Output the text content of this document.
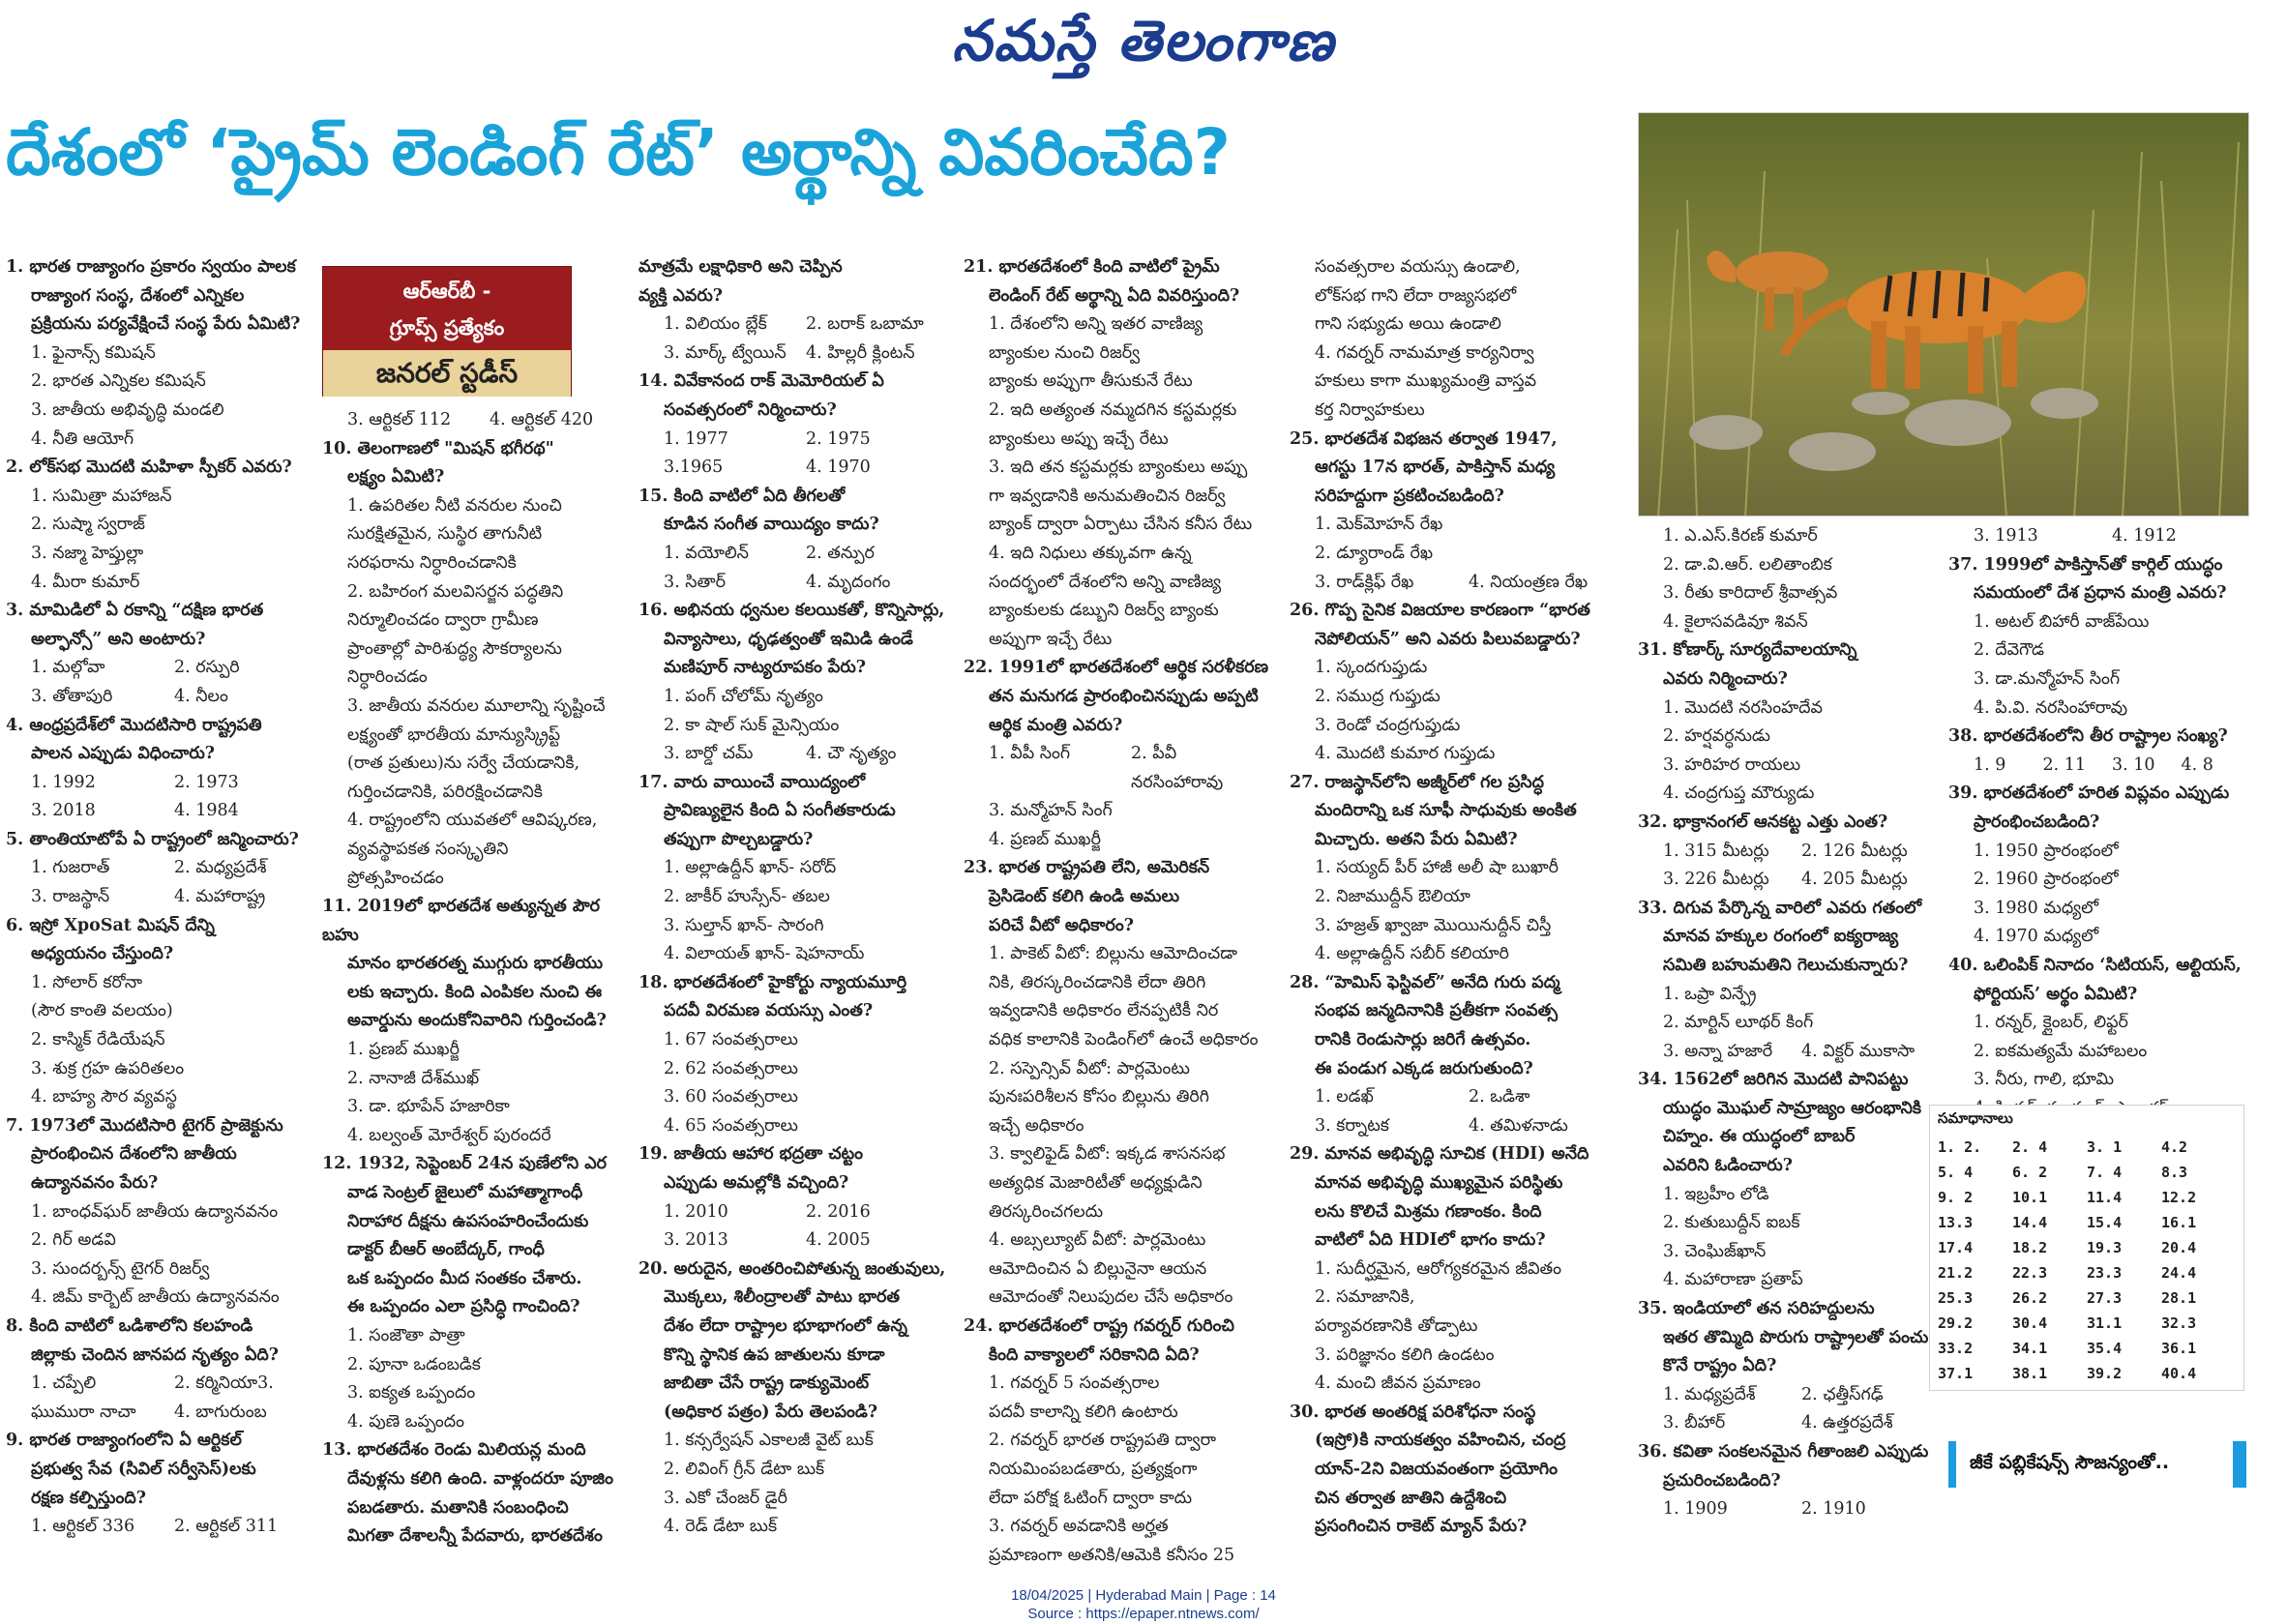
నమస్తే తెలంగాణ
దేశంలో ‘ప్రైమ్ లెండింగ్ రేట్’ అర్థాన్ని వివరించేది?
ఆర్ఆర్‌బీ -
గ్రూప్స్ ప్రత్యేకం
జనరల్ స్టడీస్
1. భారత రాజ్యాంగం ప్రకారం స్వయం పాలక
రాజ్యాంగ సంస్థ, దేశంలో ఎన్నికల
ప్రక్రియను పర్యవేక్షించే సంస్థ పేరు ఏమిటి?
1. ఫైనాన్స్ కమిషన్
2. భారత ఎన్నికల కమిషన్
3. జాతీయ అభివృద్ధి మండలి
4. నీతి ఆయోగ్
2. లోక్‌సభ మొదటి మహిళా స్పీకర్ ఎవరు?
1. సుమిత్రా మహాజన్
2. సుష్మా స్వరాజ్
3. నజ్మా హెప్తుల్లా
4. మీరా కుమార్
3. మామిడిలో ఏ రకాన్ని “దక్షిణ భారత
అల్ఫాన్సో” అని అంటారు?
1. మల్గోవా	2. రస్పురి
3. తోతాపురి	4. నీలం
4. ఆంధ్రప్రదేశ్‌లో మొదటిసారి రాష్ట్రపతి
పాలన ఎప్పుడు విధించారు?
1. 1992	2. 1973
3. 2018	4. 1984
5. తాంతియాటోపే ఏ రాష్ట్రంలో జన్మించారు?
1. గుజరాత్	2. మధ్యప్రదేశ్
3. రాజస్థాన్	4. మహారాష్ట్ర
6. ఇస్రో XpoSat మిషన్ దేన్ని
అధ్యయనం చేస్తుంది?
1. సోలార్ కరోనా
(సౌర కాంతి వలయం)
2. కాస్మిక్ రేడియేషన్
3. శుక్ర గ్రహ ఉపరితలం
4. బాహ్య సౌర వ్యవస్థ
7. 1973లో మొదటిసారి టైగర్ ప్రాజెక్టును
ప్రారంభించిన దేశంలోని జాతీయ
ఉద్యానవనం పేరు?
1. బాంధవ్‌ఘర్ జాతీయ ఉద్యానవనం
2. గిర్ అడవి
3. సుందర్బన్స్ టైగర్ రిజర్వ్
4. జిమ్ కార్బెట్ జాతీయ ఉద్యానవనం
8. కింది వాటిలో ఒడిశాలోని కలహండి
జిల్లాకు చెందిన జానపద నృత్యం ఏది?
1. చప్పేలి	2. కర్మినియా3.
ఘుమురా నాచా	4. బాగురుంబ
9. భారత రాజ్యాంగంలోని ఏ ఆర్టికల్
ప్రభుత్వ సేవ (సివిల్ సర్వీసెస్)లకు
రక్షణ కల్పిస్తుంది?
1. ఆర్టికల్ 336	2. ఆర్టికల్ 311
3. ఆర్టికల్ 112	4. ఆర్టికల్ 420
10. తెలంగాణలో "మిషన్ భగీరథ"
లక్ష్యం ఏమిటి?
1. ఉపరితల నీటి వనరుల నుంచి
సురక్షితమైన, సుస్థిర తాగునీటి
సరఫరాను నిర్ధారించడానికి
2. బహిరంగ మలవిసర్జన పద్ధతిని
నిర్మూలించడం ద్వారా గ్రామీణ
ప్రాంతాల్లో పారిశుద్ధ్య సౌకర్యాలను
నిర్ధారించడం
3. జాతీయ వనరుల మూలాన్ని సృష్టించే
లక్ష్యంతో భారతీయ మాన్యుస్క్రిప్ట్
(రాత ప్రతులు)ను సర్వే చేయడానికి,
గుర్తించడానికి, పరిరక్షించడానికి
4. రాష్ట్రంలోని యువతలో ఆవిష్కరణ,
వ్యవస్థాపకత సంస్కృతిని
ప్రోత్సహించడం
11. 2019లో భారతదేశ అత్యున్నత పౌర బహు
మానం భారతరత్న ముగ్గురు భారతీయు
లకు ఇచ్చారు. కింది ఎంపికల నుంచి ఈ
అవార్డును అందుకోనివారిని గుర్తించండి?
1. ప్రణబ్ ముఖర్జీ
2. నానాజీ దేశ్‌ముఖ్
3. డా. భూపేన్ హజారికా
4. బల్వంత్ మోరేశ్వర్ పురందరే
12. 1932, సెప్టెంబర్ 24న పుణేలోని ఎర
వాడ సెంట్రల్ జైలులో మహాత్మాగాంధీ
నిరాహార దీక్షను ఉపసంహరించేందుకు
డాక్టర్ బీఆర్ అంబేద్కర్, గాంధీ
ఒక ఒప్పందం మీద సంతకం చేశారు.
ఈ ఒప్పందం ఎలా ప్రసిద్ధి గాంచింది?
1. సంజౌతా పాత్రా
2. పూనా ఒడంబడిక
3. ఐక్యత ఒప్పందం
4. పుణె ఒప్పందం
13. భారతదేశం రెండు మిలియన్ల మంది
దేవుళ్లను కలిగి ఉంది. వాళ్లందరూ పూజిం
పబడతారు. మతానికి సంబంధించి
మిగతా దేశాలన్నీ పేదవారు, భారతదేశం
మాత్రమే లక్షాధికారి అని చెప్పిన
వ్యక్తి ఎవరు?
1. విలియం బ్లేక్	2. బరాక్ ఒబామా
3. మార్క్ ట్వేయిన్	4. హిల్లరీ క్లింటన్
14. వివేకానంద రాక్ మెమోరియల్ ఏ
సంవత్సరంలో నిర్మించారు?
1. 1977	2. 1975
3.1965	4. 1970
15. కింది వాటిలో ఏది తీగలతో
కూడిన సంగీత వాయిద్యం కాదు?
1. వయోలిన్	2. తన్పుర
3. సితార్	4. మృదంగం
16. అభినయ ధ్వనుల కలయికతో, కొన్నిసార్లు,
విన్యాసాలు, ధృఢత్వంతో ఇమిడి ఉండే
మణిపూర్ నాట్యరూపకం పేరు?
1. పంగ్ చోలోమ్ నృత్యం
2. కా షాల్ సుక్ మైన్సియం
3. బార్డో చమ్	4. చౌ నృత్యం
17. వారు వాయించే వాయిద్యంలో
ప్రావిణ్యులైన కింది ఏ సంగీతకారుడు
తప్పుగా పొల్చబడ్డారు?
1. అల్లాఉద్దీన్ ఖాన్- సరోద్
2. జాకీర్ హుస్సేన్- తబల
3. సుల్తాన్ ఖాన్- సారంగి
4. విలాయత్ ఖాన్- షెహనాయ్
18. భారతదేశంలో హైకోర్టు న్యాయమూర్తి
పదవీ విరమణ వయస్సు ఎంత?
1. 67 సంవత్సరాలు
2. 62 సంవత్సరాలు
3. 60 సంవత్సరాలు
4. 65 సంవత్సరాలు
19. జాతీయ ఆహార భద్రతా చట్టం
ఎప్పుడు అమల్లోకి వచ్చింది?
1. 2010	2. 2016
3. 2013	4. 2005
20. అరుదైన, అంతరించిపోతున్న జంతువులు,
మొక్కలు, శిలీంద్రాలతో పాటు భారత
దేశం లేదా రాష్ట్రాల భూభాగంలో ఉన్న
కొన్ని స్థానిక ఉప జాతులను కూడా
జాబితా చేసే రాష్ట్ర డాక్యుమెంట్
(అధికార పత్రం) పేరు తెలపండి?
1. కన్సర్వేషన్ ఎకాలజీ వైట్ బుక్
2. లివింగ్ గ్రీన్ డేటా బుక్
3. ఎకో చేంజర్ డైరీ
4. రెడ్ డేటా బుక్
21. భారతదేశంలో కింది వాటిలో ప్రైమ్
లెండింగ్ రేట్ అర్థాన్ని ఏది వివరిస్తుంది?
1. దేశంలోని అన్ని ఇతర వాణిజ్య
బ్యాంకుల నుంచి రిజర్వ్
బ్యాంకు అప్పుగా తీసుకునే రేటు
2. ఇది అత్యంత నమ్మదగిన కస్టమర్లకు
బ్యాంకులు అప్పు ఇచ్చే రేటు
3. ఇది తన కస్టమర్లకు బ్యాంకులు అప్పు
గా ఇవ్వడానికి అనుమతించిన రిజర్వ్
బ్యాంక్ ద్వారా ఏర్పాటు చేసిన కనీస రేటు
4. ఇది నిధులు తక్కువగా ఉన్న
సందర్భంలో దేశంలోని అన్ని వాణిజ్య
బ్యాంకులకు డబ్బుని రిజర్వ్ బ్యాంకు
అప్పుగా ఇచ్చే రేటు
22. 1991లో భారతదేశంలో ఆర్థిక సరళీకరణ
తన మనుగడ ప్రారంభించినప్పుడు అప్పటి
ఆర్థిక మంత్రి ఎవరు?
1. వీపీ సింగ్	2. పీవీ నరసింహారావు
3. మన్మోహన్ సింగ్
4. ప్రణబ్ ముఖర్జీ
23. భారత రాష్ట్రపతి లేని, అమెరికన్
ప్రెసిడెంట్ కలిగి ఉండి అమలు
పరిచే వీటో అధికారం?
1. పాకెట్ వీటో: బిల్లును ఆమోదించడా
నికి, తిరస్కరించడానికి లేదా తిరిగి
ఇవ్వడానికి అధికారం లేనప్పటికీ నిర
వధిక కాలానికి పెండింగ్‌లో ఉంచే అధికారం
2. సస్పెన్సివ్ వీటో: పార్లమెంటు
పునఃపరిశీలన కోసం బిల్లును తిరిగి
ఇచ్చే అధికారం
3. క్వాలిఫైడ్ వీటో: ఇక్కడ శాసనసభ
అత్యధిక మెజారిటీతో అధ్యక్షుడిని
తిరస్కరించగలదు
4. అబ్సల్యూట్ వీటో: పార్లమెంటు
ఆమోదించిన ఏ బిల్లునైనా ఆయన
ఆమోదంతో నిలుపుదల చేసే అధికారం
24. భారతదేశంలో రాష్ట్ర గవర్నర్ గురించి
కింది వాక్యాలలో సరికానిది ఏది?
1. గవర్నర్ 5 సంవత్సరాల
పదవీ కాలాన్ని కలిగి ఉంటారు
2. గవర్నర్ భారత రాష్ట్రపతి ద్వారా
నియమింపబడతారు, ప్రత్యక్షంగా
లేదా పరోక్ష ఓటింగ్ ద్వారా కాదు
3. గవర్నర్ అవడానికి అర్హత
ప్రమాణంగా అతనికి/ఆమెకి కనీసం 25
సంవత్సరాల వయస్సు ఉండాలి,
లోక్‌సభ గాని లేదా రాజ్యసభలో
గాని సభ్యుడు అయి ఉండాలి
4. గవర్నర్ నామమాత్ర కార్యనిర్వా
హకులు కాగా ముఖ్యమంత్రి వాస్తవ
కర్త నిర్వాహకులు
25. భారతదేశ విభజన తర్వాత 1947,
ఆగస్టు 17న భారత్, పాకిస్తాన్ మధ్య
సరిహద్దుగా ప్రకటించబడింది?
1. మెక్‌మోహన్ రేఖ
2. డ్యూరాండ్ రేఖ
3. రాడ్‌క్లిఫ్ రేఖ	4. నియంత్రణ రేఖ
26. గొప్ప సైనిక విజయాల కారణంగా “భారత
నెపోలియన్” అని ఎవరు పిలువబడ్డారు?
1. స్కందగుప్తుడు
2. సముద్ర గుప్తుడు
3. రెండో చంద్రగుప్తుడు
4. మొదటి కుమార గుప్తుడు
27. రాజస్థాన్‌లోని అజ్మీర్‌లో గల ప్రసిద్ధ
మందిరాన్ని ఒక సూఫీ సాధువుకు అంకిత
మిచ్చారు. అతని పేరు ఏమిటి?
1. సయ్యద్ పీర్ హాజీ అలీ షా బుఖారీ
2. నిజాముద్దీన్ ఔలియా
3. హజ్రత్ ఖ్వాజా మొయినుద్దీన్ చిస్తీ
4. అల్లాఉద్దీన్ సబీర్ కలియారి
28. “హెమిస్ ఫెస్టివల్” అనేది గురు పద్మ
సంభవ జన్మదినానికి ప్రతీకగా సంవత్స
రానికి రెండుసార్లు జరిగే ఉత్సవం.
ఈ పండుగ ఎక్కడ జరుగుతుంది?
1. లడఖ్	2. ఒడిశా
3. కర్నాటక	4. తమిళనాడు
29. మానవ అభివృద్ధి సూచిక (HDI) అనేది
మానవ అభివృద్ధి ముఖ్యమైన పరిస్థితు
లను కొలిచే మిశ్రమ గణాంకం. కింది
వాటిలో ఏది HDIలో భాగం కాదు?
1. సుదీర్ఘమైన, ఆరోగ్యకరమైన జీవితం
2. సమాజానికి,
పర్యావరణానికి తోడ్పాటు
3. పరిజ్ఞానం కలిగి ఉండటం
4. మంచి జీవన ప్రమాణం
30. భారత అంతరిక్ష పరిశోధనా సంస్థ
(ఇస్రో)కి నాయకత్వం వహించిన, చంద్ర
యాన్-2ని విజయవంతంగా ప్రయోగిం
చిన తర్వాత జాతిని ఉద్దేశించి
ప్రసంగించిన రాకెట్ మ్యాన్ పేరు?
1. ఎ.ఎస్.కిరణ్ కుమార్
2. డా.వి.ఆర్. లలితాంబిక
3. రీతు కారిదాల్ శ్రీవాత్సవ
4. కైలాసవడివూ శివన్
31. కోణార్క్ సూర్యదేవాలయాన్ని
ఎవరు నిర్మించారు?
1. మొదటి నరసింహదేవ
2. హర్షవర్ధనుడు
3. హరిహర రాయలు
4. చంద్రగుప్త మౌర్యుడు
32. భాక్రానంగల్ ఆనకట్ట ఎత్తు ఎంత?
1. 315 మీటర్లు	2. 126 మీటర్లు
3. 226 మీటర్లు	4. 205 మీటర్లు
33. దిగువ పేర్కొన్న వారిలో ఎవరు గతంలో
మానవ హక్కుల రంగంలో ఐక్యరాజ్య
సమితి బహుమతిని గెలుచుకున్నారు?
1. ఒప్రా విన్ఫ్రే
2. మార్టిన్ లూథర్ కింగ్
3. అన్నా హజారే	4. విక్టర్ ముకాసా
34. 1562లో జరిగిన మొదటి పానిపట్టు
యుద్ధం మొఘల్ సామ్రాజ్యం ఆరంభానికి
చిహ్నం. ఈ యుద్ధంలో బాబర్
ఎవరిని ఓడించారు?
1. ఇబ్రహీం లోడి
2. కుతుబుద్దీన్ ఐబక్
3. చెంఘిజ్‌ఖాన్
4. మహారాణా ప్రతాప్
35. ఇండియాలో తన సరిహద్దులను
ఇతర తొమ్మిది పొరుగు రాష్ట్రాలతో పంచు
కొనే రాష్ట్రం ఏది?
1. మధ్యప్రదేశ్	2. ఛత్తీస్‌గఢ్
3. బీహార్	4. ఉత్తరప్రదేశ్
36. కవితా సంకలనమైన గీతాంజలి ఎప్పుడు
ప్రచురించబడింది?
1. 1909	2. 1910
3. 1913	4. 1912
37. 1999లో పాకిస్తాన్‌తో కార్గిల్ యుద్ధం
సమయంలో దేశ ప్రధాన మంత్రి ఎవరు?
1. అటల్ బిహారీ వాజ్‌పేయి
2. దేవెగౌడ
3. డా.మన్మోహన్ సింగ్
4. పి.వి. నరసింహారావు
38. భారతదేశంలోని తీర రాష్ట్రాల సంఖ్య?
1. 9	2. 11	3. 10	4. 8
39. భారతదేశంలో హరిత విప్లవం ఎప్పుడు
ప్రారంభించబడింది?
1. 1950 ప్రారంభంలో
2. 1960 ప్రారంభంలో
3. 1980 మధ్యలో
4. 1970 మధ్యలో
40. ఒలింపిక్ నినాదం ‘సిటియస్, ఆల్టియస్,
ఫోర్టియస్’ అర్థం ఏమిటి?
1. రన్నర్, క్లైంబర్, లిఫ్టర్
2. ఐకమత్యమే మహాబలం
3. నీరు, గాలి, భూమి
సమాధానాలు
1. 2.	2. 4	3. 1	4.2
5. 4	6. 2	7. 4	8.3
9. 2	10.1	11.4	12.2
13.3	14.4	15.4	16.1
17.4	18.2	19.3	20.4
21.2	22.3	23.3	24.4
25.3	26.2	27.3	28.1
29.2	30.4	31.1	32.3
33.2	34.1	35.4	36.1
37.1	38.1	39.2	40.4
జీకే పబ్లికేషన్స్ సౌజన్యంతో..
18/04/2025 | Hyderabad Main | Page : 14
Source : https://epaper.ntnews.com/
